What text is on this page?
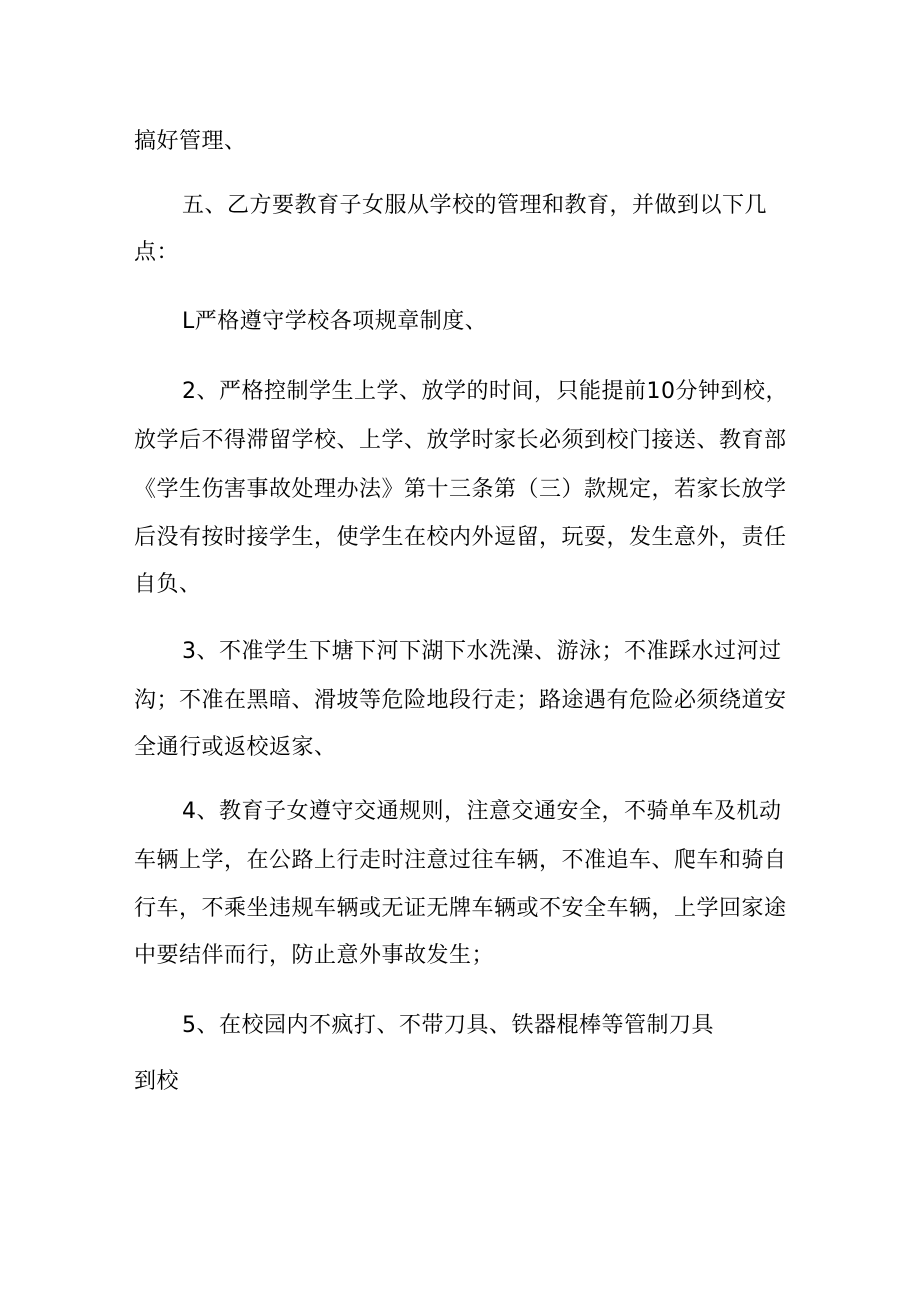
搞好管理、
五、乙方要教育子女服从学校的管理和教育，并做到以下几
点：
L严格遵守学校各项规章制度、
2、严格控制学生上学、放学的时间，只能提前10分钟到校，
放学后不得滞留学校、上学、放学时家长必须到校门接送、教育部
《学生伤害事故处理办法》第十三条第（三）款规定，若家长放学
后没有按时接学生，使学生在校内外逗留，玩耍，发生意外，责任
自负、
3、不准学生下塘下河下湖下水洗澡、游泳；不准踩水过河过
沟；不准在黑暗、滑坡等危险地段行走；路途遇有危险必须绕道安
全通行或返校返家、
4、教育子女遵守交通规则，注意交通安全，不骑单车及机动
车辆上学，在公路上行走时注意过往车辆，不准追车、爬车和骑自
行车，不乘坐违规车辆或无证无牌车辆或不安全车辆，上学回家途
中要结伴而行，防止意外事故发生；
5、在校园内不疯打、不带刀具、铁器棍棒等管制刀具
到校
